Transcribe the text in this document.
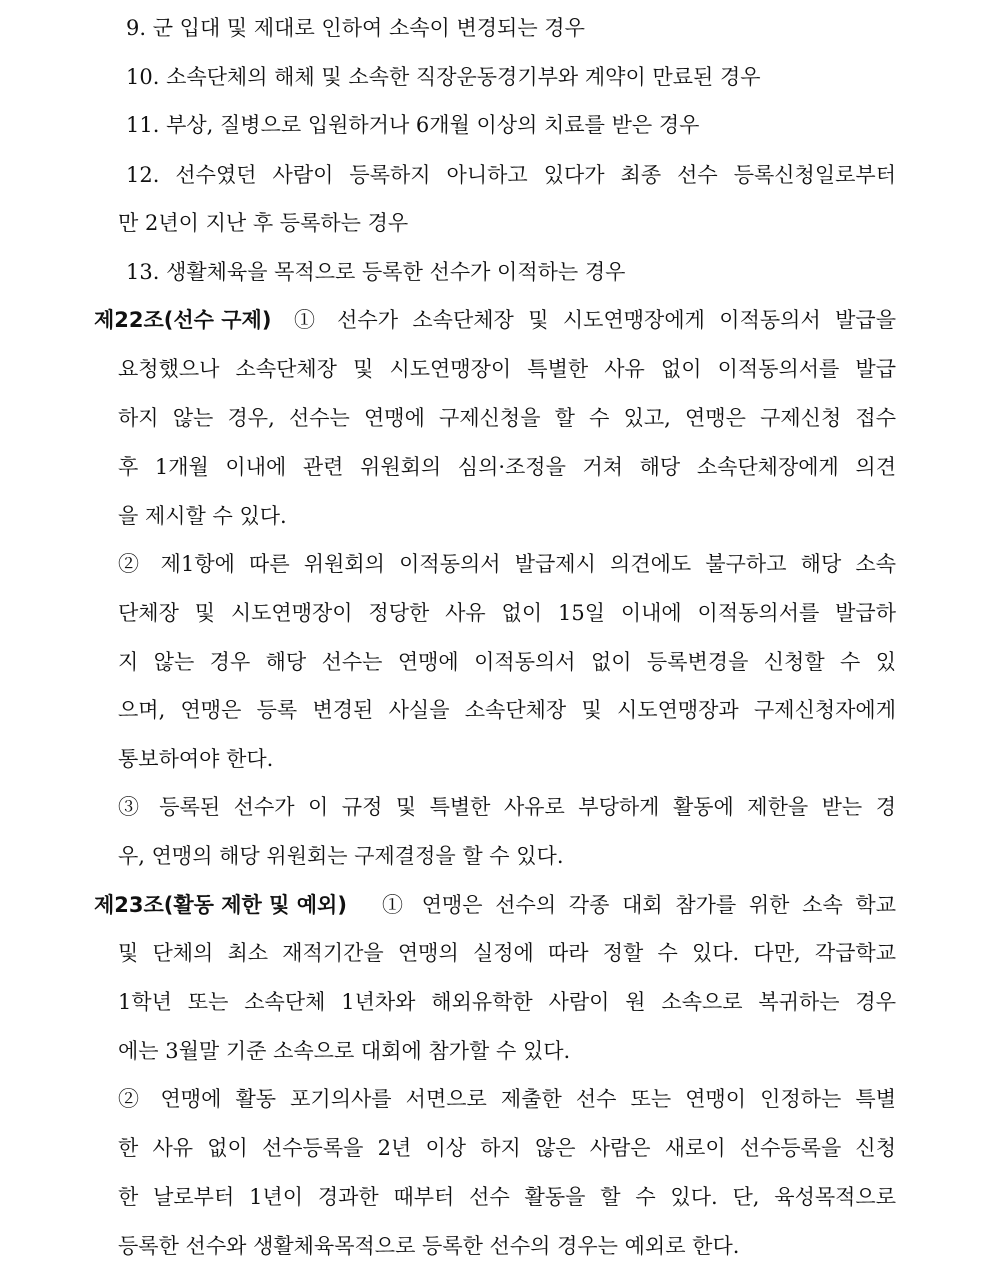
9. 군 입대 및 제대로 인하여 소속이 변경되는 경우
10. 소속단체의 해체 및 소속한 직장운동경기부와 계약이 만료된 경우
11. 부상, 질병으로 입원하거나 6개월 이상의 치료를 받은 경우
12. 선수였던 사람이 등록하지 아니하고 있다가 최종 선수 등록신청일로부터
만 2년이 지난 후 등록하는 경우
13. 생활체육을 목적으로 등록한 선수가 이적하는 경우
제22조(선수 구제) ① 선수가 소속단체장 및 시도연맹장에게 이적동의서 발급을
요청했으나 소속단체장 및 시도연맹장이 특별한 사유 없이 이적동의서를 발급
하지 않는 경우, 선수는 연맹에 구제신청을 할 수 있고, 연맹은 구제신청 접수
후 1개월 이내에 관련 위원회의 심의·조정을 거쳐 해당 소속단체장에게 의견
을 제시할 수 있다.
② 제1항에 따른 위원회의 이적동의서 발급제시 의견에도 불구하고 해당 소속
단체장 및 시도연맹장이 정당한 사유 없이 15일 이내에 이적동의서를 발급하
지 않는 경우 해당 선수는 연맹에 이적동의서 없이 등록변경을 신청할 수 있
으며, 연맹은 등록 변경된 사실을 소속단체장 및 시도연맹장과 구제신청자에게
통보하여야 한다.
③ 등록된 선수가 이 규정 및 특별한 사유로 부당하게 활동에 제한을 받는 경
우, 연맹의 해당 위원회는 구제결정을 할 수 있다.
제23조(활동 제한 및 예외) ① 연맹은 선수의 각종 대회 참가를 위한 소속 학교
및 단체의 최소 재적기간을 연맹의 실정에 따라 정할 수 있다. 다만, 각급학교
1학년 또는 소속단체 1년차와 해외유학한 사람이 원 소속으로 복귀하는 경우
에는 3월말 기준 소속으로 대회에 참가할 수 있다.
② 연맹에 활동 포기의사를 서면으로 제출한 선수 또는 연맹이 인정하는 특별
한 사유 없이 선수등록을 2년 이상 하지 않은 사람은 새로이 선수등록을 신청
한 날로부터 1년이 경과한 때부터 선수 활동을 할 수 있다. 단, 육성목적으로
등록한 선수와 생활체육목적으로 등록한 선수의 경우는 예외로 한다.
